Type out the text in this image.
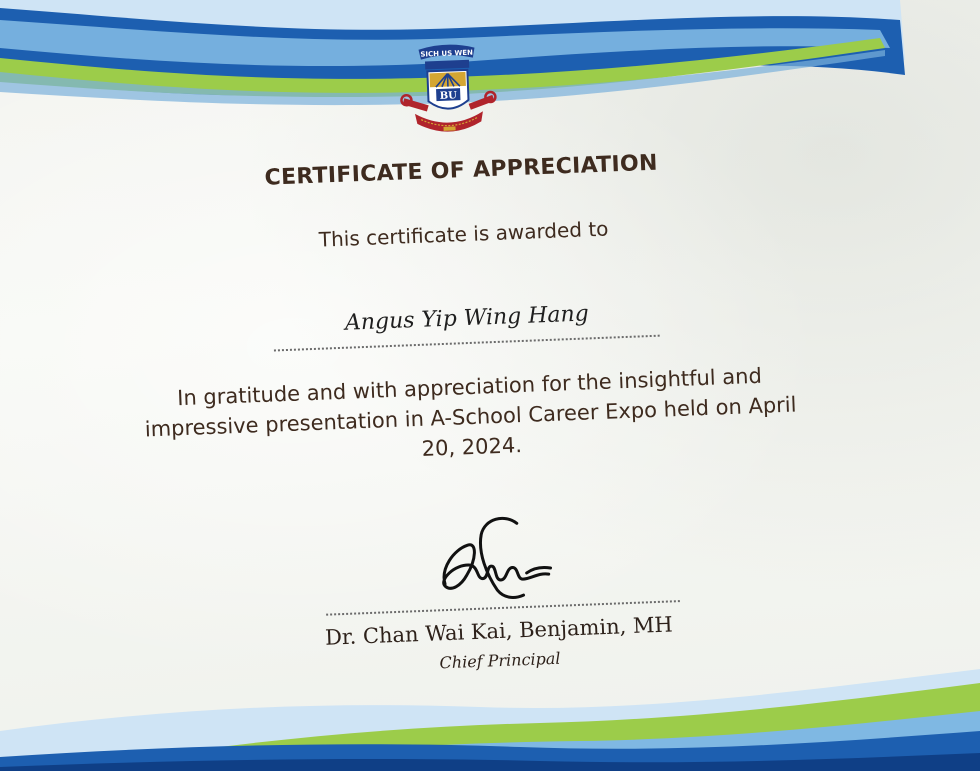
SICH US WEN
BU
CERTIFICATE OF APPRECIATION
This certificate is awarded to
Angus Yip Wing Hang
In gratitude and with appreciation for the insightful and impressive presentation in A-School Career Expo held on April 20, 2024.
Dr. Chan Wai Kai, Benjamin, MH
Chief Principal
